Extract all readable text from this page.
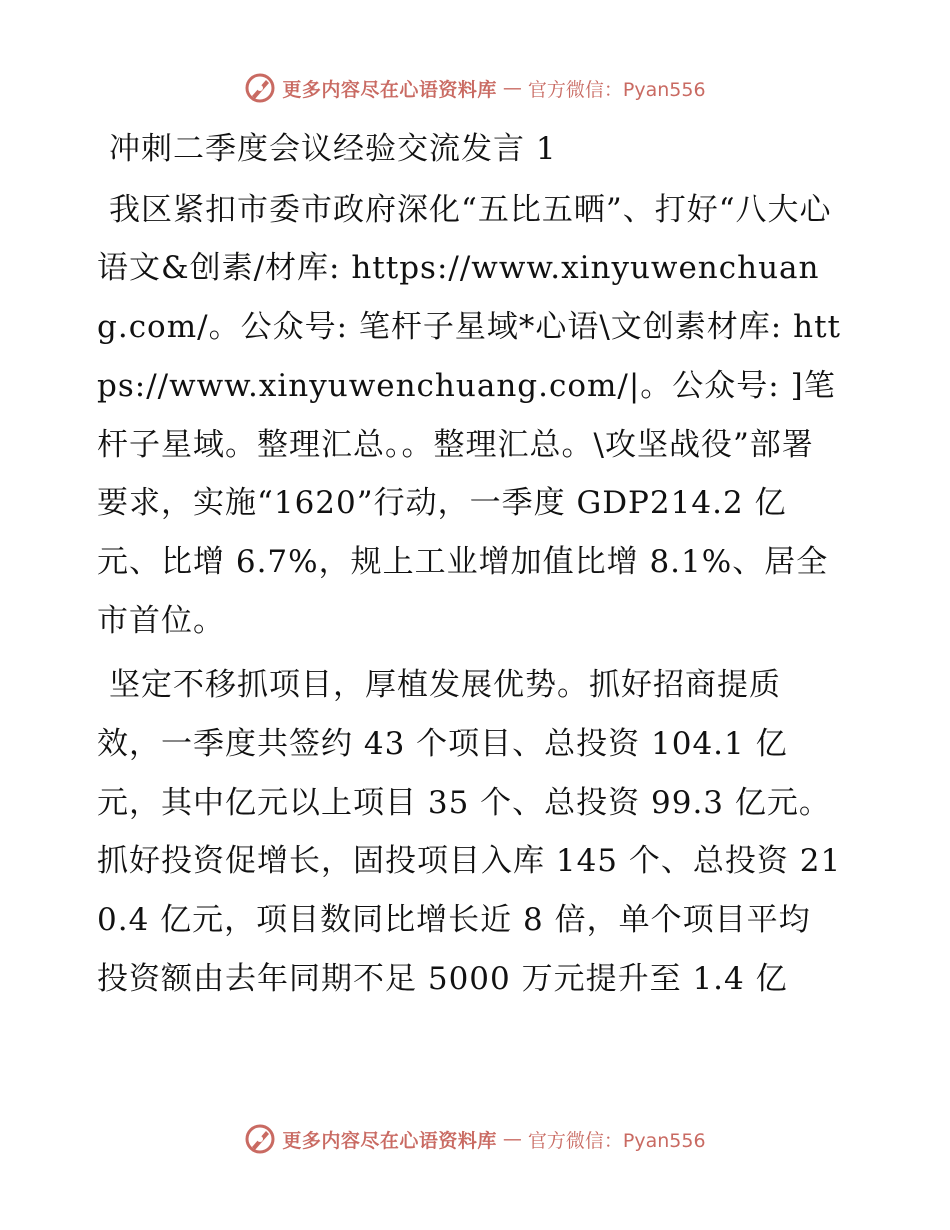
更多内容尽在心语资料库 — 官方微信：Pyan556
冲刺二季度会议经验交流发言 1

我区紧扣市委市政府深化“五比五晒”、打好“八大心语文&创素/材库: https://www.xinyuwenchuang.com/。公众号: 笔杆子星域*心语\文创素材库: https://www.xinyuwenchuang.com/|。公众号: ]笔杆子星域。整理汇总。。整理汇总。\攻坚战役”部署要求，实施“1620”行动，一季度 GDP214.2 亿元、比增 6.7%，规上工业增加值比增 8.1%、居全市首位。

坚定不移抓项目，厚植发展优势。抓好招商提质效，一季度共签约 43 个项目、总投资 104.1 亿元，其中亿元以上项目 35 个、总投资 99.3 亿元。抓好投资促增长，固投项目入库 145 个、总投资 210.4 亿元，项目数同比增长近 8 倍，单个项目平均投资额由去年同期不足 5000 万元提升至 1.4 亿

更多内容尽在心语资料库 — 官方微信：Pyan556
